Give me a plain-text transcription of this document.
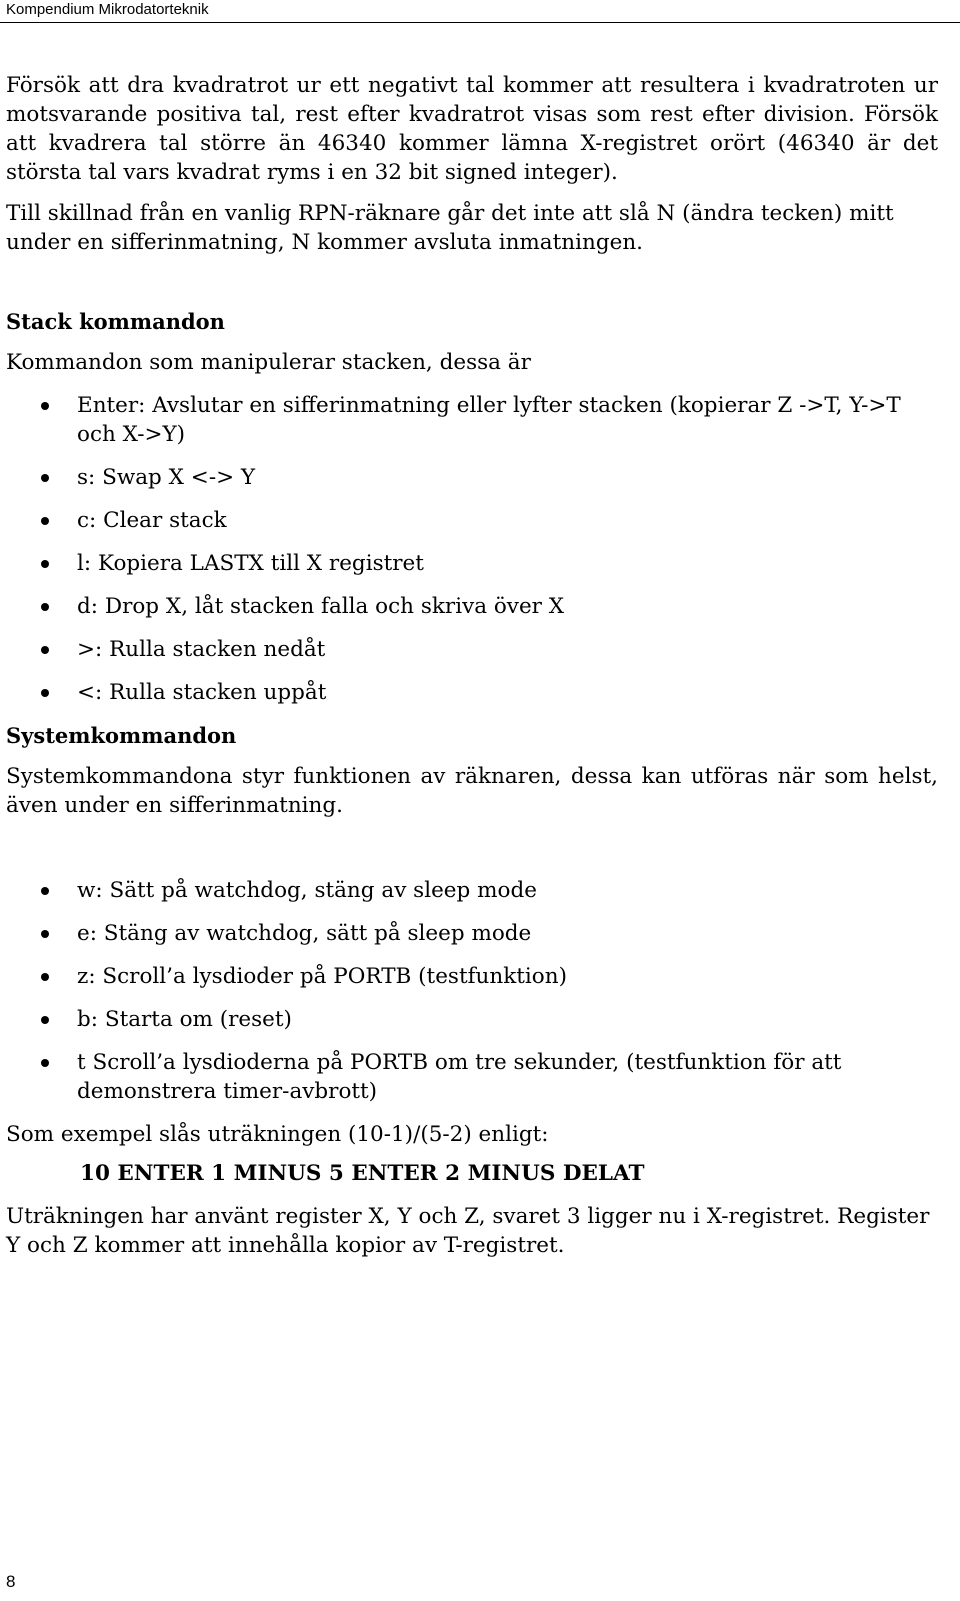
Kompendium Mikrodatorteknik

Försök att dra kvadratrot ur ett negativt tal kommer att resultera i kvadratroten ur motsvarande positiva tal, rest efter kvadratrot visas som rest efter division. Försök att kvadrera tal större än 46340 kommer lämna X-registret orört (46340 är det största tal vars kvadrat ryms i en 32 bit signed integer).

Till skillnad från en vanlig RPN-räknare går det inte att slå N (ändra tecken) mitt under en sifferinmatning, N kommer avsluta inmatningen.

Stack kommandon

Kommandon som manipulerar stacken, dessa är

Enter: Avslutar en sifferinmatning eller lyfter stacken (kopierar Z ->T, Y->T och X->Y)
s: Swap X <-> Y
c: Clear stack
l: Kopiera LASTX till X registret
d: Drop X, låt stacken falla och skriva över X
>: Rulla stacken nedåt
<: Rulla stacken uppåt

Systemkommandon

Systemkommandona styr funktionen av räknaren, dessa kan utföras när som helst, även under en sifferinmatning.

w: Sätt på watchdog, stäng av sleep mode
e: Stäng av watchdog, sätt på sleep mode
z: Scroll’a lysdioder på PORTB (testfunktion)
b: Starta om (reset)
t Scroll’a lysdioderna på PORTB om tre sekunder, (testfunktion för att demonstrera timer-avbrott)

Som exempel slås uträkningen (10-1)/(5-2) enligt:

10 ENTER 1 MINUS 5 ENTER 2 MINUS DELAT

Uträkningen har använt register X, Y och Z, svaret 3 ligger nu i X-registret. Register Y och Z kommer att innehålla kopior av T-registret.

8
